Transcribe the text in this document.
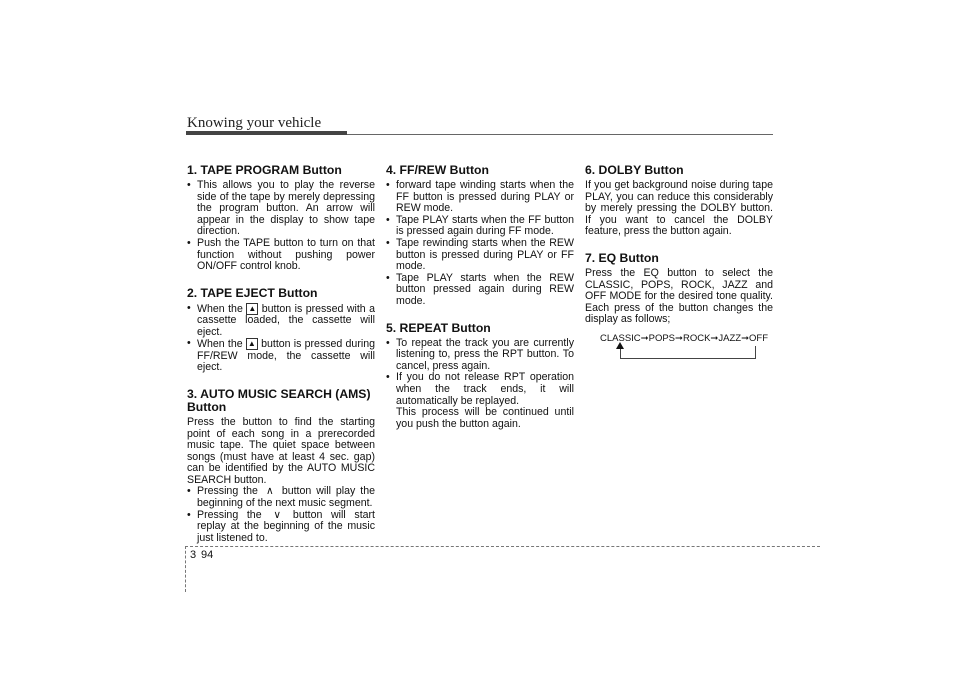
Knowing your vehicle
1. TAPE PROGRAM Button
• This allows you to play the reverse side of the tape by merely depressing the program button. An arrow will appear in the display to show tape direction.
• Push the TAPE button to turn on that function without pushing power ON/OFF control knob.
2. TAPE EJECT Button
• When the ▲ button is pressed with a cassette loaded, the cassette will eject.
• When the ▲ button is pressed during FF/REW mode, the cassette will eject.
3. AUTO MUSIC SEARCH (AMS) Button

Press the button to find the starting point of each song in a prerecorded music tape. The quiet space between songs (must have at least 4 sec. gap) can be identified by the AUTO MUSIC SEARCH button.

• Pressing the ∧ button will play the beginning of the next music segment.
• Pressing the ∨ button will start replay at the beginning of the music just listened to.
4. FF/REW Button
• forward tape winding starts when the FF button is pressed during PLAY or REW mode.
• Tape PLAY starts when the FF button is pressed again during FF mode.
• Tape rewinding starts when the REW button is pressed during PLAY or FF mode.
• Tape PLAY starts when the REW button pressed again during REW mode.
5. REPEAT Button
• To repeat the track you are currently listening to, press the RPT button. To cancel, press again.
• If you do not release RPT operation when the track ends, it will automatically be replayed.

This process will be continued until you push the button again.

6. DOLBY Button

If you get background noise during tape PLAY, you can reduce this considerably by merely pressing the DOLBY button. If you want to cancel the DOLBY feature, press the button again.

7. EQ Button

Press the EQ button to select the CLASSIC, POPS, ROCK, JAZZ and OFF MODE for the desired tone quality. Each press of the button changes the display as follows;

CLASSIC➞POPS➞ROCK➞JAZZ➞OFF
3 94
